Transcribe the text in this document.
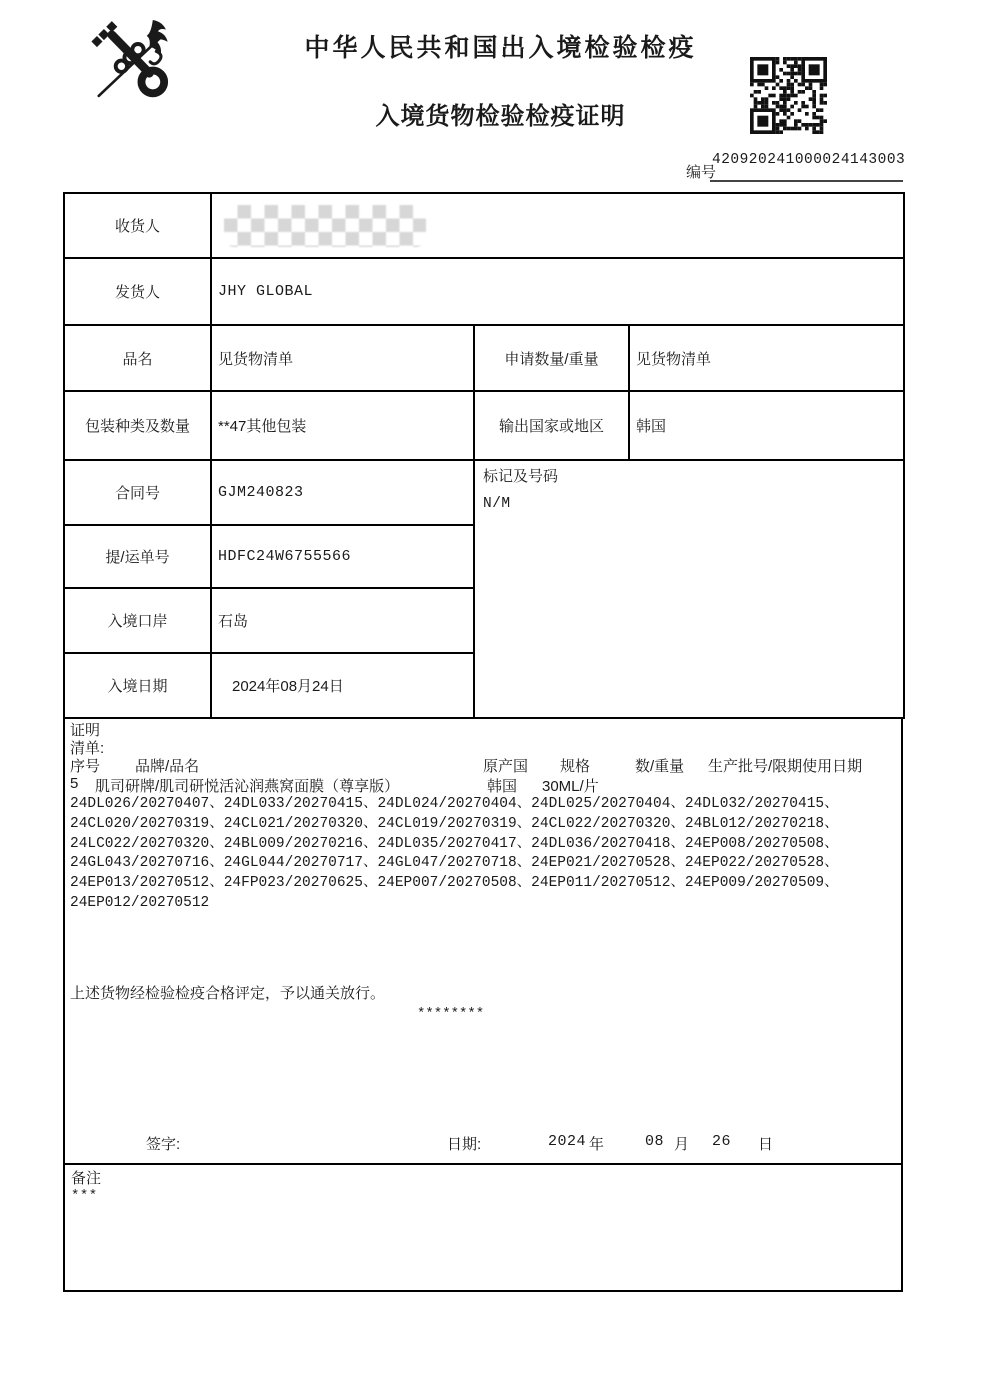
中华人民共和国出入境检验检疫
入境货物检验检疫证明
编号
420920241000024143003
收货人			

发货人	JHY GLOBAL		
品名	见货物清单	申请数量/重量	见货物清单
包装种类及数量	**47其他包装	输出国家或地区	韩国
合同号	GJM240823	标记及号码
N/M	

提/运单号	HDFC24W6755566		
入境口岸	石岛		
入境日期	2024年08月24日		
证明
清单:
序号 品牌/品名	原产国 规格	数/重量 生产批号/限期使用日期
5 肌司研牌/肌司研悦活沁润燕窝面膜（尊享版）	韩国 30ML/片
24DL026/20270407、24DL033/20270415、24DL024/20270404、24DL025/20270404、24DL032/20270415、
24CL020/20270319、24CL021/20270320、24CL019/20270319、24CL022/20270320、24BL012/20270218、
24LC022/20270320、24BL009/20270216、24DL035/20270417、24DL036/20270418、24EP008/20270508、
24GL043/20270716、24GL044/20270717、24GL047/20270718、24EP021/20270528、24EP022/20270528、
24EP013/20270512、24FP023/20270625、24EP007/20270508、24EP011/20270512、24EP009/20270509、
24EP012/20270512
上述货物经检验检疫合格评定，予以通关放行。
********
签字:	日期:	2024 年	08 月 26 日
备注
***
